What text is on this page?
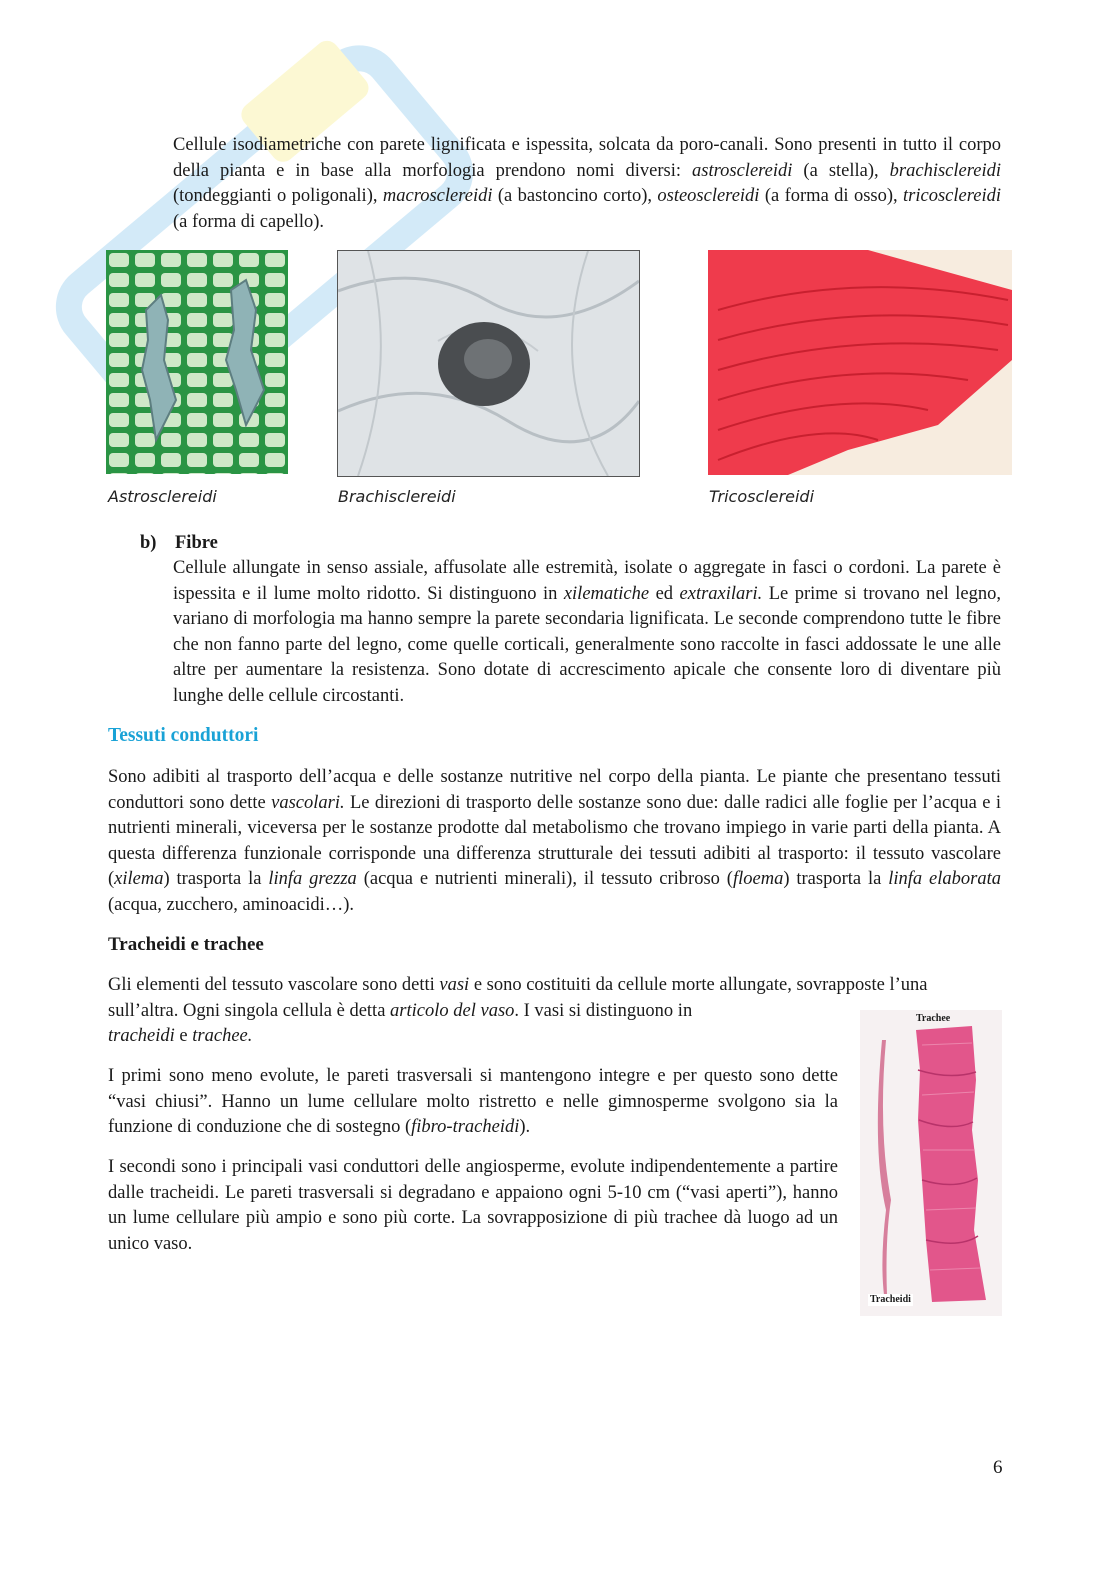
Cellule isodiametriche con parete lignificata e ispessita, solcata da poro-canali. Sono presenti in tutto il corpo della pianta e in base alla morfologia prendono nomi diversi: astrosclereidi (a stella), brachisclereidi (tondeggianti o poligonali), macrosclereidi (a bastoncino corto), osteosclereidi (a forma di osso), tricosclereidi (a forma di capello).

Astrosclereidi	Brachisclereidi	Tricosclereidi
b) Fibre

Cellule allungate in senso assiale, affusolate alle estremità, isolate o aggregate in fasci o cordoni. La parete è ispessita e il lume molto ridotto. Si distinguono in xilematiche ed extraxilari. Le prime si trovano nel legno, variano di morfologia ma hanno sempre la parete secondaria lignificata. Le seconde comprendono tutte le fibre che non fanno parte del legno, come quelle corticali, generalmente sono raccolte in fasci addossate le une alle altre per aumentare la resistenza. Sono dotate di accrescimento apicale che consente loro di diventare più lunghe delle cellule circostanti.

Tessuti conduttori

Sono adibiti al trasporto dell’acqua e delle sostanze nutritive nel corpo della pianta. Le piante che presentano tessuti conduttori sono dette vascolari. Le direzioni di trasporto delle sostanze sono due: dalle radici alle foglie per l’acqua e i nutrienti minerali, viceversa per le sostanze prodotte dal metabolismo che trovano impiego in varie parti della pianta. A questa differenza funzionale corrisponde una differenza strutturale dei tessuti adibiti al trasporto: il tessuto vascolare (xilema) trasporta la linfa grezza (acqua e nutrienti minerali), il tessuto cribroso (floema) trasporta la linfa elaborata (acqua, zucchero, aminoacidi…).

Tracheidi e trachee
Trachee
Tracheidi

Gli elementi del tessuto vascolare sono detti vasi e sono costituiti da cellule morte allungate, sovrapposte l’una sull’altra. Ogni singola cellula è detta articolo del vaso. I vasi si distinguono in
tracheidi e trachee.

I primi sono meno evolute, le pareti trasversali si mantengono integre e per questo sono dette “vasi chiusi”. Hanno un lume cellulare molto ristretto e nelle gimnosperme svolgono sia la funzione di conduzione che di sostegno (fibro-tracheidi).

I secondi sono i principali vasi conduttori delle angiosperme, evolute indipendentemente a partire dalle tracheidi. Le pareti trasversali si degradano e appaiono ogni 5-10 cm (“vasi aperti”), hanno un lume cellulare più ampio e sono più corte. La sovrapposizione di più trachee dà luogo ad un unico vaso.

6
